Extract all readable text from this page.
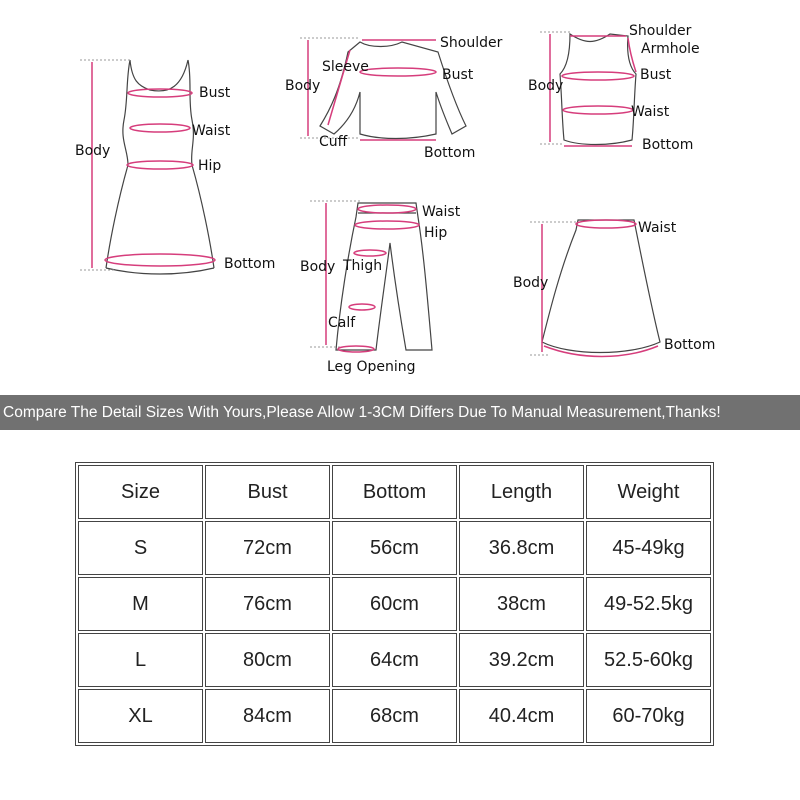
Bust
Waist
Hip
Body
Bottom
Shoulder
Sleeve	Bust
Body
Cuff
Bottom
Shoulder
Armhole
Bust
Body
Waist
Bottom
Waist
Hip
Body Thigh
Calf
Leg Opening
Waist
Body
Bottom
Compare The Detail Sizes With Yours,Please Allow 1-3CM Differs Due To Manual Measurement,Thanks!
Size	Bust	Bottom	Length	Weight
S	72cm	56cm	36.8cm	45-49kg
M	76cm	60cm	38cm	49-52.5kg
L	80cm	64cm	39.2cm	52.5-60kg
XL	84cm	68cm	40.4cm	60-70kg
